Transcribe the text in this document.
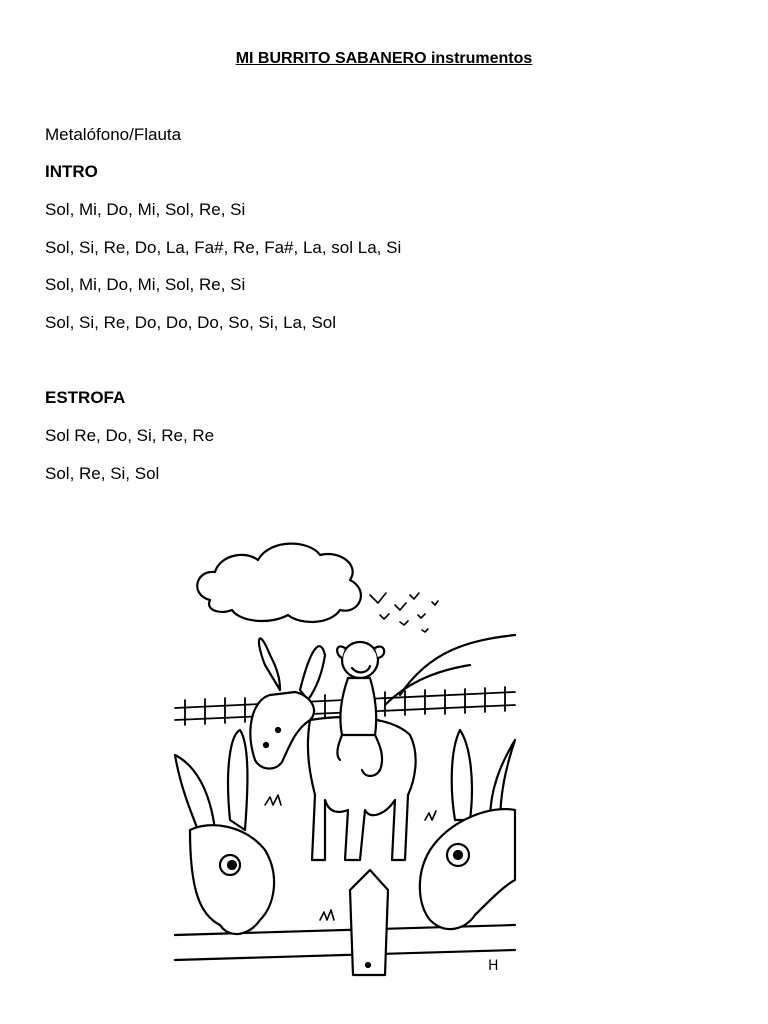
MI BURRITO SABANERO instrumentos
Metalófono/Flauta
INTRO
Sol, Mi, Do, Mi, Sol, Re, Si
Sol, Si, Re, Do, La, Fa#, Re, Fa#, La, sol La, Si
Sol, Mi, Do, Mi, Sol, Re, Si
Sol, Si, Re, Do, Do, Do, So, Si, La, Sol
ESTROFA
Sol Re, Do, Si, Re, Re
Sol, Re, Si, Sol
H
